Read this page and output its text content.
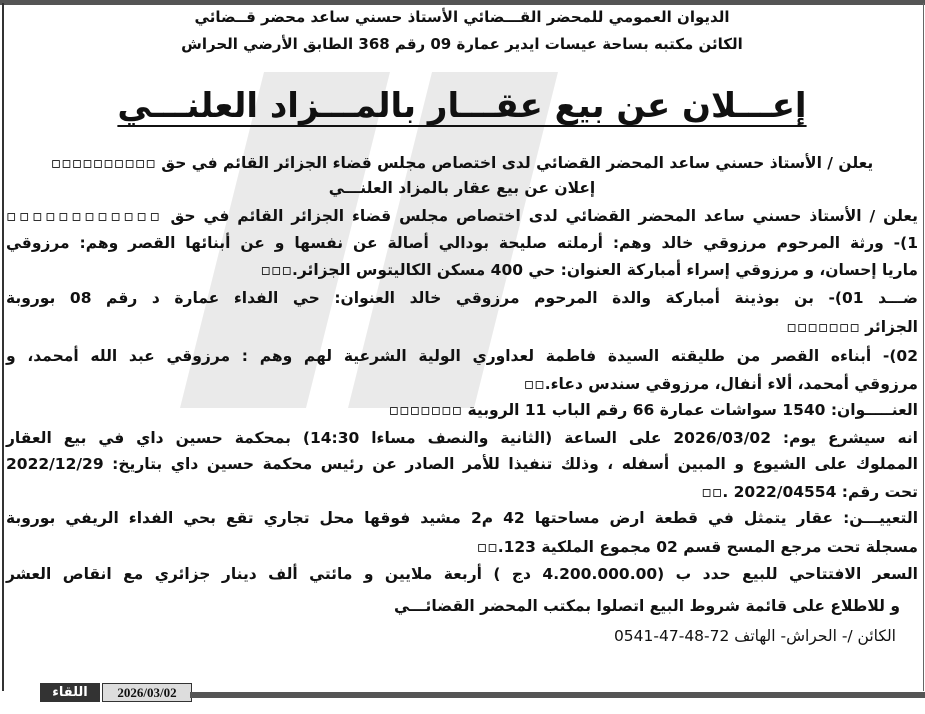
الديوان العمومي للمحضر القـــضائي الأستاذ حسني ساعد محضر قــضائي
الكائن مكتبه بساحة عيسات ايدير عمارة 09 رقم 368 الطابق الأرضي الحراش
إعـــلان عن بيع عقـــار بالمـــزاد العلنـــي
يعلن / الأستاذ حسني ساعد المحضر القضائي لدى اختصاص مجلس قضاء الجزائر القائم في حق ▫▫▫▫▫▫▫▫▫▫
إعلان عن بيع عقار بالمزاد العلنـــي
يعلن / الأستاذ حسني ساعد المحضر القضائي لدى اختصاص مجلس قضاء الجزائر القائم في حق ▫▫▫▫▫▫▫▫▫▫▫▫
1)- ورثة المرحوم مرزوقي خالد وهم: أرملته صليحة بودالي أصالة عن نفسها و عن أبنائها القصر وهم: مرزوقي
ماريا إحسان، و مرزوقي إسراء أمباركة العنوان: حي 400 مسكن الكاليتوس الجزائر.▫▫▫
ضـــد 01)- بن بوذينة أمباركة والدة المرحوم مرزوقي خالد العنوان: حي الفداء عمارة د رقم 08 بوروبة
الجزائر ▫▫▫▫▫▫▫
02)- أبناءه القصر من طليقته السيدة فاطمة لعداوري الولية الشرعية لهم وهم : مرزوقي عبد الله أمحمد، و
مرزوقي أمحمد، ألاء أنفال، مرزوقي سندس دعاء.▫▫
العنـــــوان: 1540 سواشات عمارة 66 رقم الباب 11 الروبية ▫▫▫▫▫▫▫
انه سيشرع يوم: 2026/03/02 على الساعة (الثانية والنصف مساءا 14:30) بمحكمة حسين داي في بيع العقار
المملوك على الشيوع و المبين أسفله ، وذلك تنفيذا للأمر الصادر عن رئيس محكمة حسين داي بتاريخ: 2022/12/29
تحت رقم: 2022/04554 .▫▫
التعييـــن: عقار يتمثل في قطعة ارض مساحتها 42 م2 مشيد فوقها محل تجاري تقع بحي الفداء الريفي بوروبة
مسجلة تحت مرجع المسح قسم 02 مجموع الملكية 123.▫▫
السعر الافتتاحي للبيع حدد ب (4.200.000.00 دج ) أربعة ملايين و مائتي ألف دينار جزائري مع انقاص العشر
و للاطلاع على قائمة شروط البيع اتصلوا بمكتب المحضر القضائـــي
الكائن /- الحراش- الهاتف 72-48-47-0541
اللقاء	2026/03/02
